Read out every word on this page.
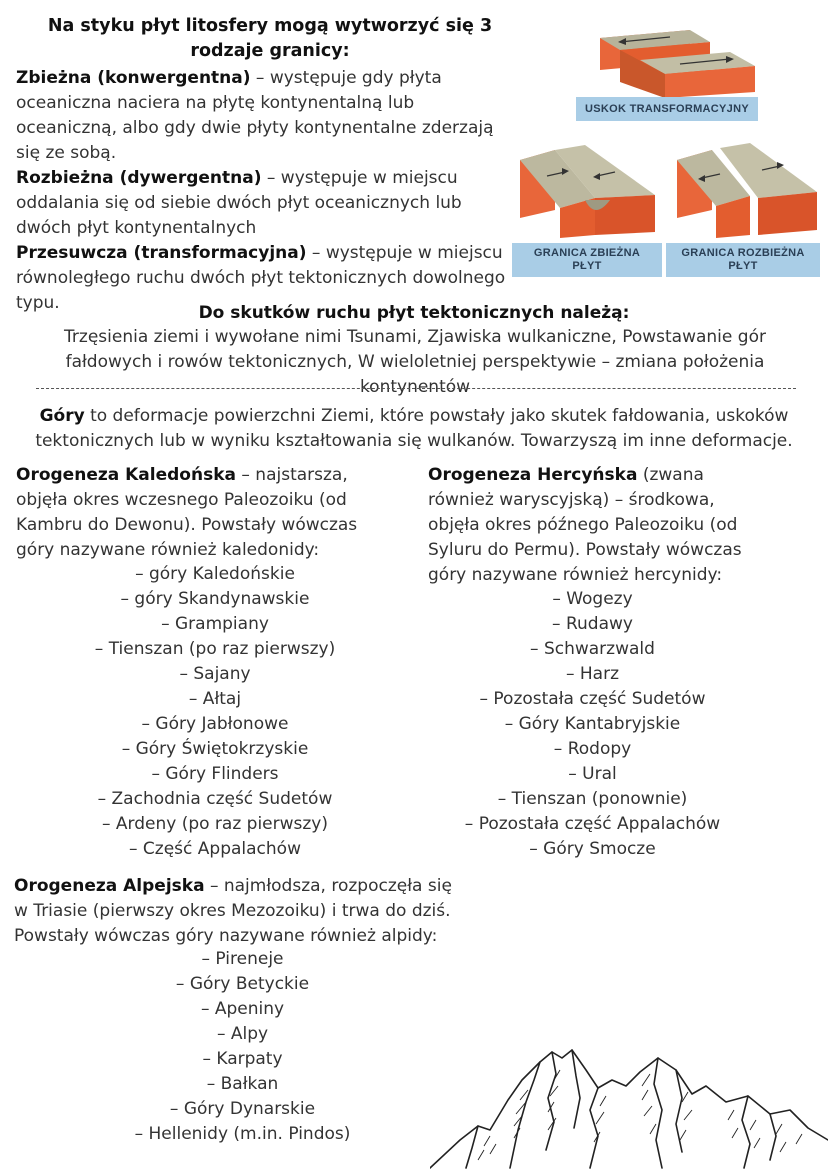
Na styku płyt litosfery mogą wytworzyć się 3 rodzaje granicy:
Zbieżna (konwergentna) – występuje gdy płyta oceaniczna naciera na płytę kontynentalną lub oceaniczną, albo gdy dwie płyty kontynentalne zderzają się ze sobą.
Rozbieżna (dywergentna) – występuje w miejscu oddalania się od siebie dwóch płyt oceanicznych lub dwóch płyt kontynentalnych
Przesuwcza (transformacyjna) – występuje w miejscu równoległego ruchu dwóch płyt tektonicznych dowolnego typu.
USKOK TRANSFORMACYJNY
GRANICA ZBIEŻNA PŁYT
GRANICA ROZBIEŻNA PŁYT
Do skutków ruchu płyt tektonicznych należą:
Trzęsienia ziemi i wywołane nimi Tsunami, Zjawiska wulkaniczne, Powstawanie gór fałdowych i rowów tektonicznych, W wieloletniej perspektywie – zmiana położenia kontynentów
Góry to deformacje powierzchni Ziemi, które powstały jako skutek fałdowania, uskoków tektonicznych lub w wyniku kształtowania się wulkanów. Towarzyszą im inne deformacje.
Orogeneza Kaledońska – najstarsza, objęła okres wczesnego Paleozoiku (od Kambru do Dewonu). Powstały wówczas góry nazywane również kaledonidy:
– góry Kaledońskie
– góry Skandynawskie
– Grampiany
– Tienszan (po raz pierwszy)
– Sajany
– Ałtaj
– Góry Jabłonowe
– Góry Świętokrzyskie
– Góry Flinders
– Zachodnia część Sudetów
– Ardeny (po raz pierwszy)
– Część Appalachów
Orogeneza Hercyńska (zwana również waryscyjską) – środkowa, objęła okres późnego Paleozoiku (od Syluru do Permu). Powstały wówczas góry nazywane również hercynidy:
– Wogezy
– Rudawy
– Schwarzwald
– Harz
– Pozostała część Sudetów
– Góry Kantabryjskie
– Rodopy
– Ural
– Tienszan (ponownie)
– Pozostała część Appalachów
– Góry Smocze
Orogeneza Alpejska – najmłodsza, rozpoczęła się w Triasie (pierwszy okres Mezozoiku) i trwa do dziś. Powstały wówczas góry nazywane również alpidy:
– Pireneje
– Góry Betyckie
– Apeniny
– Alpy
– Karpaty
– Bałkan
– Góry Dynarskie
– Hellenidy (m.in. Pindos)
